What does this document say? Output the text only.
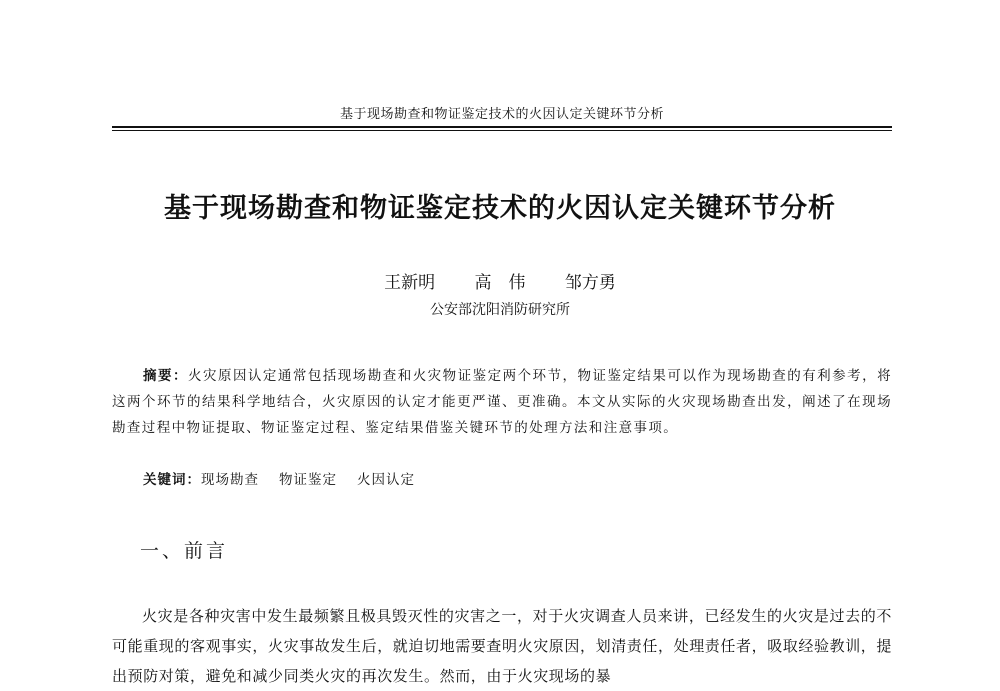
基于现场勘查和物证鉴定技术的火因认定关键环节分析
基于现场勘查和物证鉴定技术的火因认定关键环节分析
王新明 高　伟 邹方勇
公安部沈阳消防研究所
摘要：火灾原因认定通常包括现场勘查和火灾物证鉴定两个环节，物证鉴定结果可以作为现场勘查的有利参考，将这两个环节的结果科学地结合，火灾原因的认定才能更严谨、更准确。本文从实际的火灾现场勘查出发，阐述了在现场勘查过程中物证提取、物证鉴定过程、鉴定结果借鉴关键环节的处理方法和注意事项。
关键词：现场勘查 物证鉴定 火因认定
一、前言
火灾是各种灾害中发生最频繁且极具毁灭性的灾害之一，对于火灾调查人员来讲，已经发生的火灾是过去的不可能重现的客观事实，火灾事故发生后，就迫切地需要查明火灾原因，划清责任，处理责任者，吸取经验教训，提出预防对策，避免和减少同类火灾的再次发生。然而，由于火灾现场的暴
